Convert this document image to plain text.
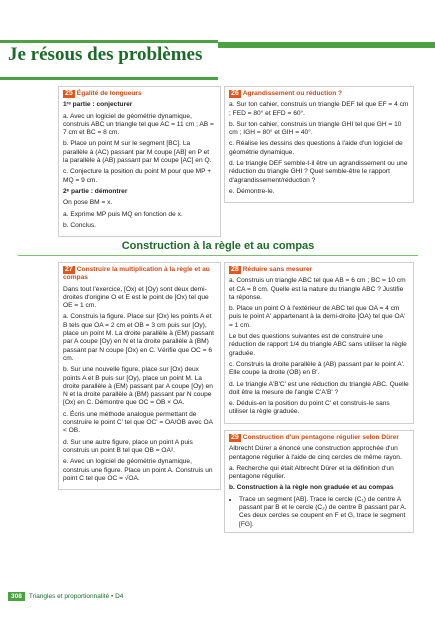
Je résous des problèmes

25 Égalité de longueurs

1ʳᵉ partie : conjecturer

a. Avec un logiciel de géométrie dynamique, construis ABC un triangle tel que AC = 11 cm ; AB = 7 cm et BC = 8 cm.

b. Place un point M sur le segment [BC]. La parallèle à (AC) passant par M coupe [AB] en P et la parallèle à (AB) passant par M coupe [AC] en Q.

c. Conjecture la position du point M pour que MP + MQ = 9 cm.

2ᵉ partie : démontrer

On pose BM = x.

a. Exprime MP puis MQ en fonction de x.

b. Conclus.

26 Agrandissement ou réduction ?

a. Sur ton cahier, construis un triangle DEF tel que EF = 4 cm ; FED = 80° et EFD = 60°.

b. Sur ton cahier, construis un triangle GHI tel que GH = 10 cm ; IGH = 80° et GIH = 40°.

c. Réalise les dessins des questions à l'aide d'un logiciel de géométrie dynamique.

d. Le triangle DEF semble-t-il être un agrandissement ou une réduction du triangle GHI ? Quel semble-être le rapport d'agrandissement/réduction ?

e. Démontre-le.

Construction à la règle et au compas

27 Construire la multiplication à la règle et au compas

Dans tout l'exercice, [Ox) et [Oy) sont deux demi-droites d'origine O et E est le point de [Ox) tel que OE = 1 cm.

a. Construis la figure. Place sur [Ox) les points A et B tels que OA = 2 cm et OB = 3 cm puis sur [Oy), place un point M. La droite parallèle à (EM) passant par A coupe [Oy) en N et la droite parallèle à (BM) passant par N coupe [Ox) en C. Vérifie que OC = 6 cm.

b. Sur une nouvelle figure, place sur [Ox) deux points A et B puis sur [Oy), place un point M. La droite parallèle à (EM) passant par A coupe [Oy) en N et la droite parallèle à (BM) passant par N coupe [Ox) en C. Démontre que OC = OB × OA.

c. Écris une méthode analogue permettant de construire le point C' tel que OC' = OA/OB avec OA < OB.

d. Sur une autre figure, place un point A puis construis un point B tel que OB = OA².

e. Avec un logiciel de géométrie dynamique, construis une figure. Place un point A. Construis un point C tel que OC = √OA.

28 Réduire sans mesurer

a. Construis un triangle ABC tel que AB = 6 cm ; BC = 10 cm et CA = 8 cm. Quelle est la nature du triangle ABC ? Justifie ta réponse.

b. Place un point O à l'extérieur de ABC tel que OA = 4 cm puis le point A' appartenant à la demi-droite [OA) tel que OA' = 1 cm.

Le but des questions suivantes est de construire une réduction de rapport 1/4 du triangle ABC sans utiliser la règle graduée.

c. Construis la droite parallèle à (AB) passant par le point A'. Elle coupe la droite (OB) en B'.

d. Le triangle A'B'C' est une réduction du triangle ABC. Quelle doit être la mesure de l'angle C'A'B' ?

e. Déduis-en la position du point C' et construis-le sans utiliser la règle graduée.

29 Construction d'un pentagone régulier selon Dürer

Albrecht Dürer a énoncé une construction approchée d'un pentagone régulier à l'aide de cinq cercles de même rayon.

a. Recherche qui était Albrecht Dürer et la définition d'un pentagone régulier.

b. Construction à la règle non graduée et au compas

• Trace un segment [AB]. Trace le cercle (C₁) de centre A passant par B et le cercle (C₂) de centre B passant par A. Ces deux cercles se coupent en F et G, trace le segment [FG].
308 Triangles et proportionnalité • D4
